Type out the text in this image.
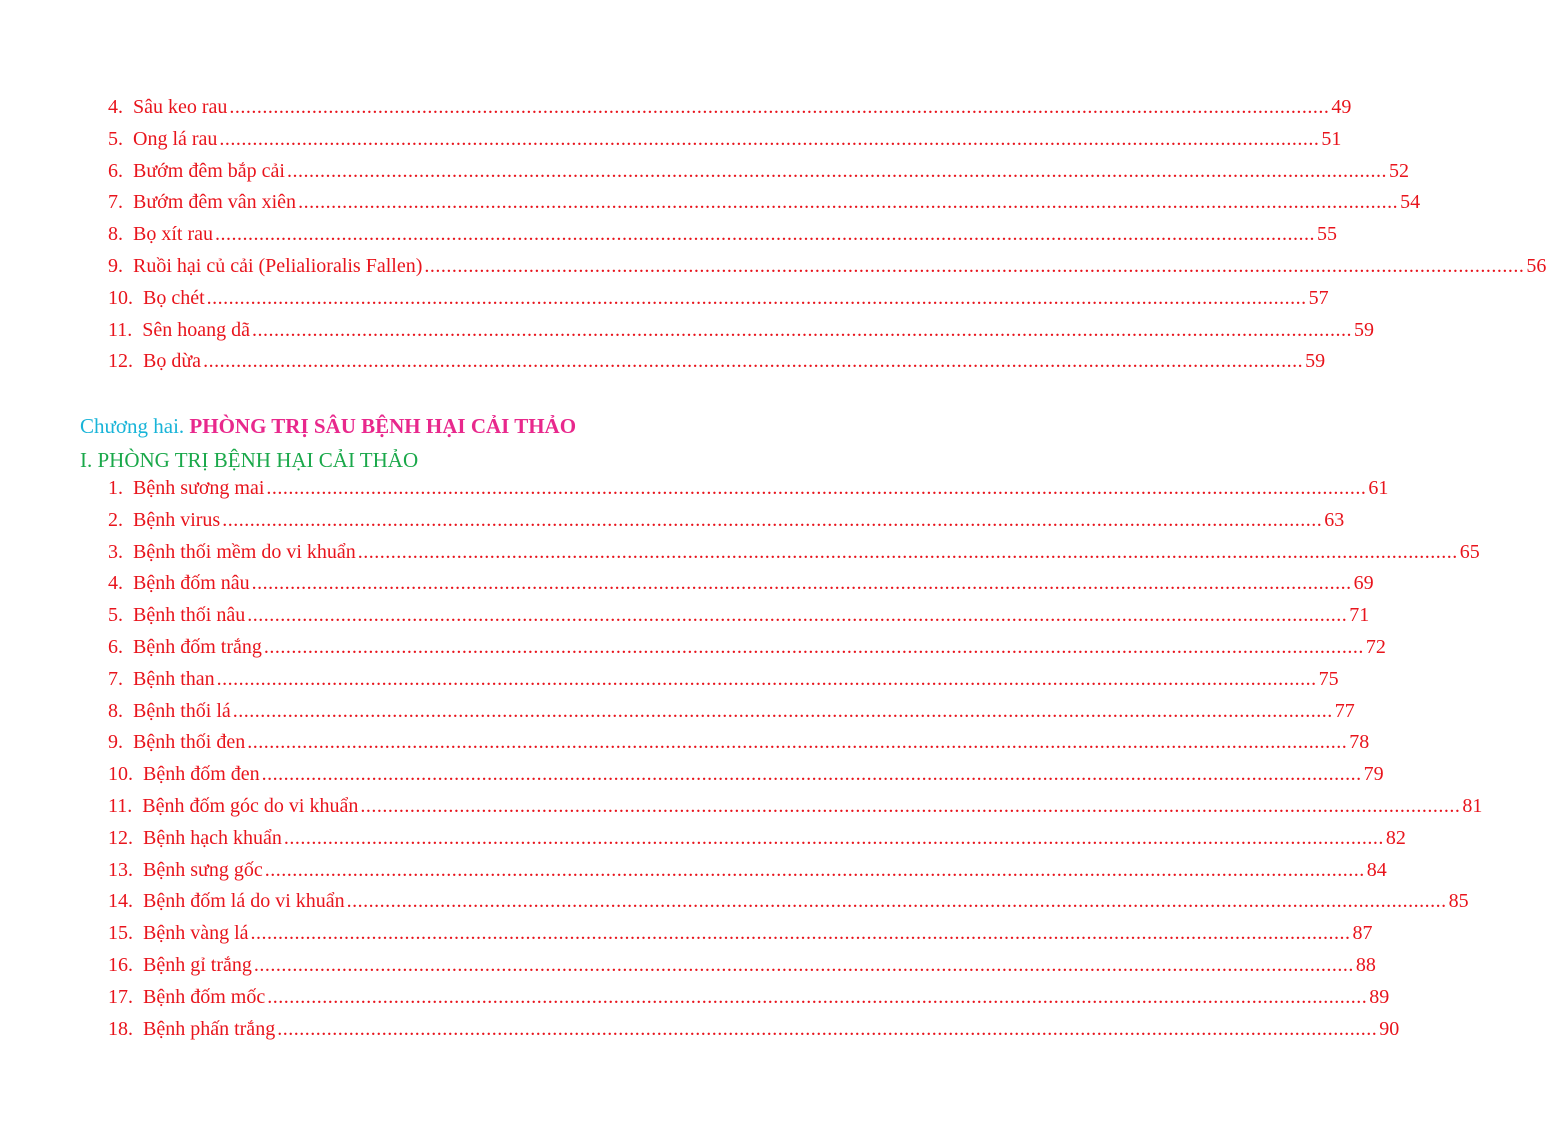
4.
Sâu keo rau ........................................................................................................................................................................................................ 49
5.
Ong lá rau ........................................................................................................................................................................................................ 51
6.
Bướm đêm bắp cải ........................................................................................................................................................................................................ 52
7.
Bướm đêm vân xiên ........................................................................................................................................................................................................ 54
8.
Bọ xít rau ........................................................................................................................................................................................................ 55
9.
Ruồi hại củ cải (Pelialioralis Fallen) ........................................................................................................................................................................................................ 56
10.
Bọ chét ........................................................................................................................................................................................................ 57
11.
Sên hoang dã ........................................................................................................................................................................................................ 59
12.
Bọ dừa ........................................................................................................................................................................................................ 59
Chương hai. PHÒNG TRỊ SÂU BỆNH HẠI CẢI THẢO
I. PHÒNG TRỊ BỆNH HẠI CẢI THẢO
1.
Bệnh sương mai ........................................................................................................................................................................................................ 61
2.
Bệnh virus ........................................................................................................................................................................................................ 63
3.
Bệnh thối mềm do vi khuẩn ........................................................................................................................................................................................................ 65
4.
Bệnh đốm nâu ........................................................................................................................................................................................................ 69
5.
Bệnh thối nâu ........................................................................................................................................................................................................ 71
6.
Bệnh đốm trắng ........................................................................................................................................................................................................ 72
7.
Bệnh than ........................................................................................................................................................................................................ 75
8.
Bệnh thối lá ........................................................................................................................................................................................................ 77
9.
Bệnh thối đen ........................................................................................................................................................................................................ 78
10.
Bệnh đốm đen ........................................................................................................................................................................................................ 79
11.
Bệnh đốm góc do vi khuẩn ........................................................................................................................................................................................................ 81
12.
Bệnh hạch khuẩn ........................................................................................................................................................................................................ 82
13.
Bệnh sưng gốc ........................................................................................................................................................................................................ 84
14.
Bệnh đốm lá do vi khuẩn ........................................................................................................................................................................................................ 85
15.
Bệnh vàng lá ........................................................................................................................................................................................................ 87
16.
Bệnh gỉ trắng ........................................................................................................................................................................................................ 88
17.
Bệnh đốm mốc ........................................................................................................................................................................................................ 89
18.
Bệnh phấn trắng ........................................................................................................................................................................................................ 90
